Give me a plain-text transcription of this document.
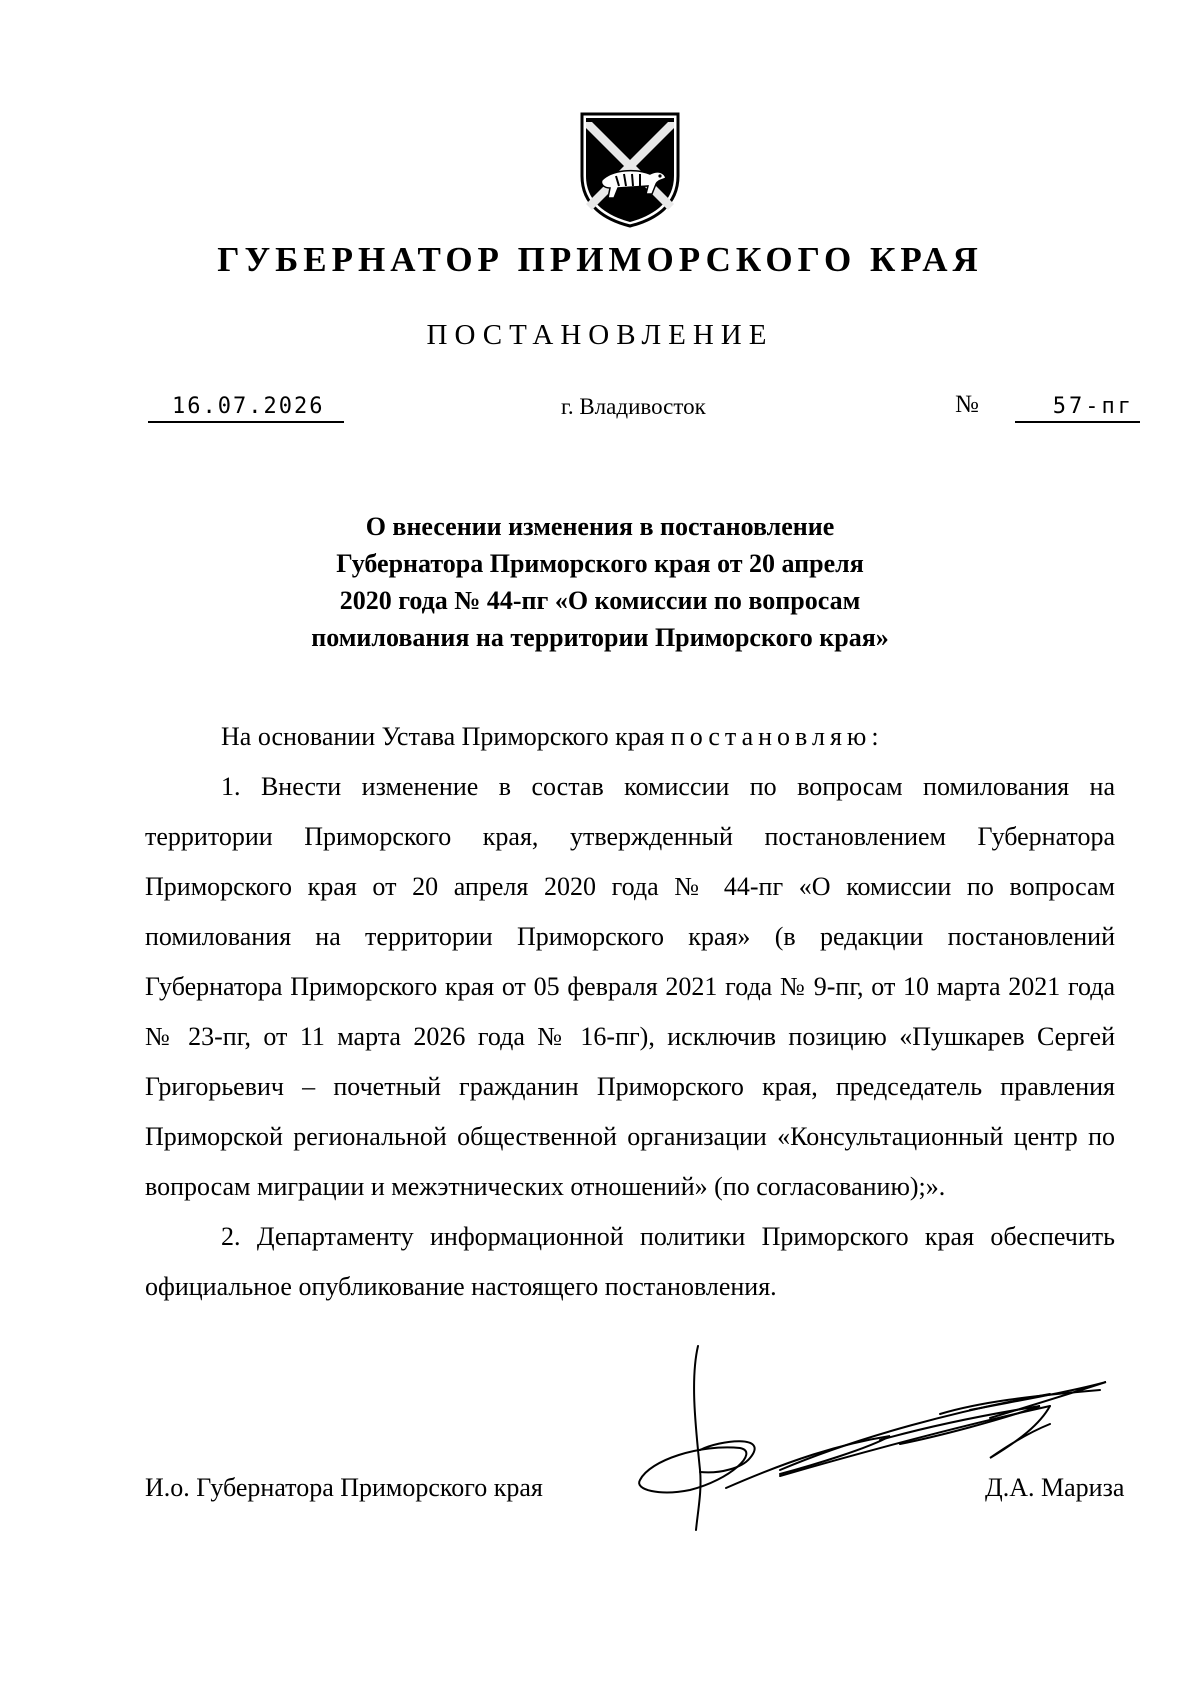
ГУБЕРНАТОР ПРИМОРСКОГО КРАЯ
ПОСТАНОВЛЕНИЕ
16.07.2026	г. Владивосток	№	57-пг
О внесении изменения в постановление
Губернатора Приморского края от 20 апреля
2020 года № 44-пг «О комиссии по вопросам
помилования на территории Приморского края»

На основании Устава Приморского края постановляю:

1. Внести изменение в состав комиссии по вопросам помилования на территории Приморского края, утвержденный постановлением Губернатора Приморского края от 20 апреля 2020 года № 44-пг «О комиссии по вопросам помилования на территории Приморского края» (в редакции постановлений Губернатора Приморского края от 05 февраля 2021 года № 9-пг, от 10 марта 2021 года № 23-пг, от 11 марта 2026 года № 16-пг), исключив позицию «Пушкарев Сергей Григорьевич – почетный гражданин Приморского края, председатель правления Приморской региональной общественной организации «Консультационный центр по вопросам миграции и межэтнических отношений» (по согласованию);».

2. Департаменту информационной политики Приморского края обеспечить официальное опубликование настоящего постановления.

И.о. Губернатора Приморского края	Д.А. Мариза
